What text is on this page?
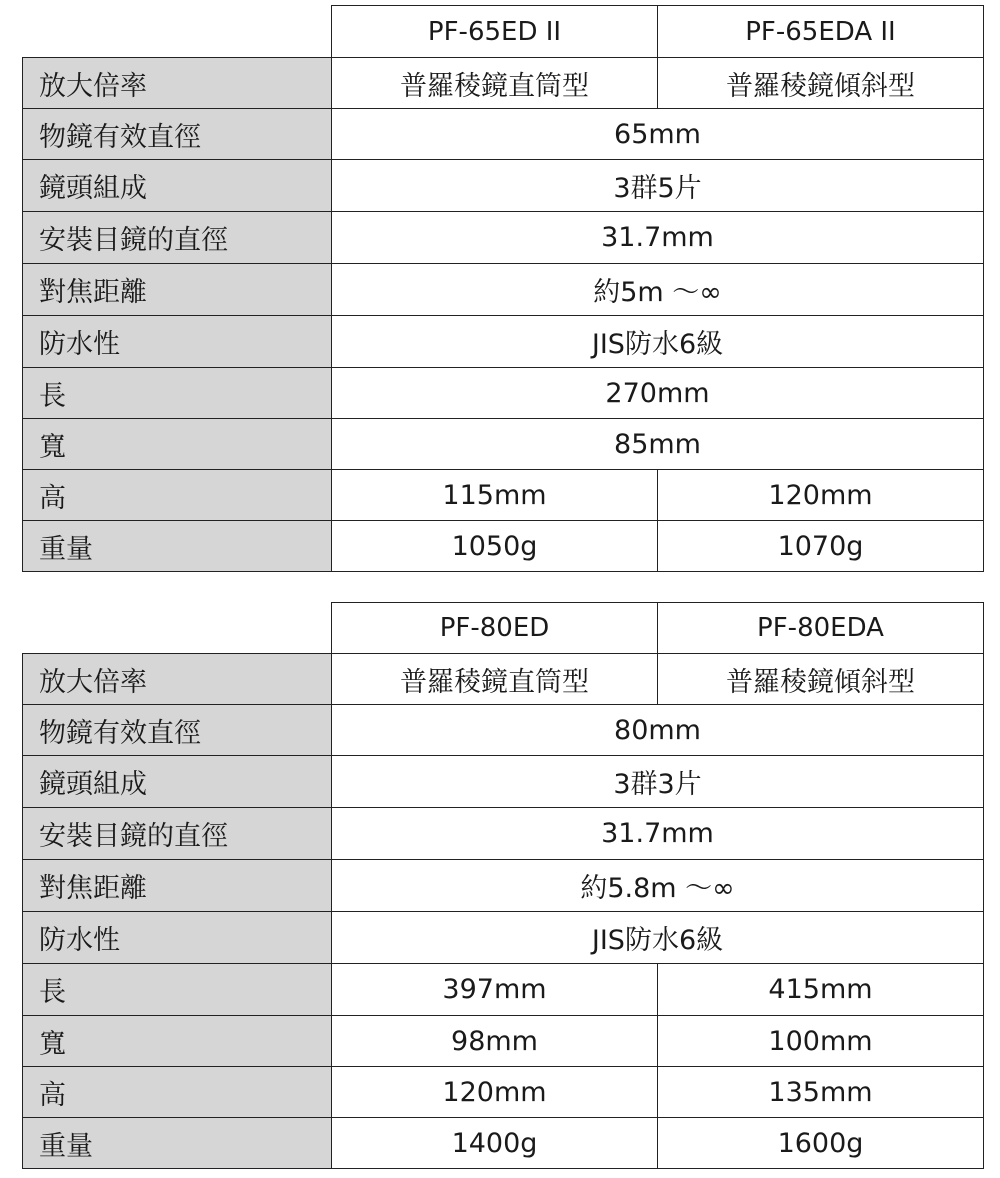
	PF-65ED II	PF-65EDA II
放大倍率	普羅稜鏡直筒型	普羅稜鏡傾斜型
物鏡有效直徑	65mm	
鏡頭組成	3群5片	
安裝目鏡的直徑	31.7mm	
對焦距離	約5m ～∞	
防水性	JIS防水6級	
長	270mm	
寬	85mm	
高	115mm	120mm
重量	1050g	1070g
	PF-80ED	PF-80EDA
放大倍率	普羅稜鏡直筒型	普羅稜鏡傾斜型
物鏡有效直徑	80mm	
鏡頭組成	3群3片	
安裝目鏡的直徑	31.7mm	
對焦距離	約5.8m ～∞	
防水性	JIS防水6級	
長	397mm	415mm
寬	98mm	100mm
高	120mm	135mm
重量	1400g	1600g
